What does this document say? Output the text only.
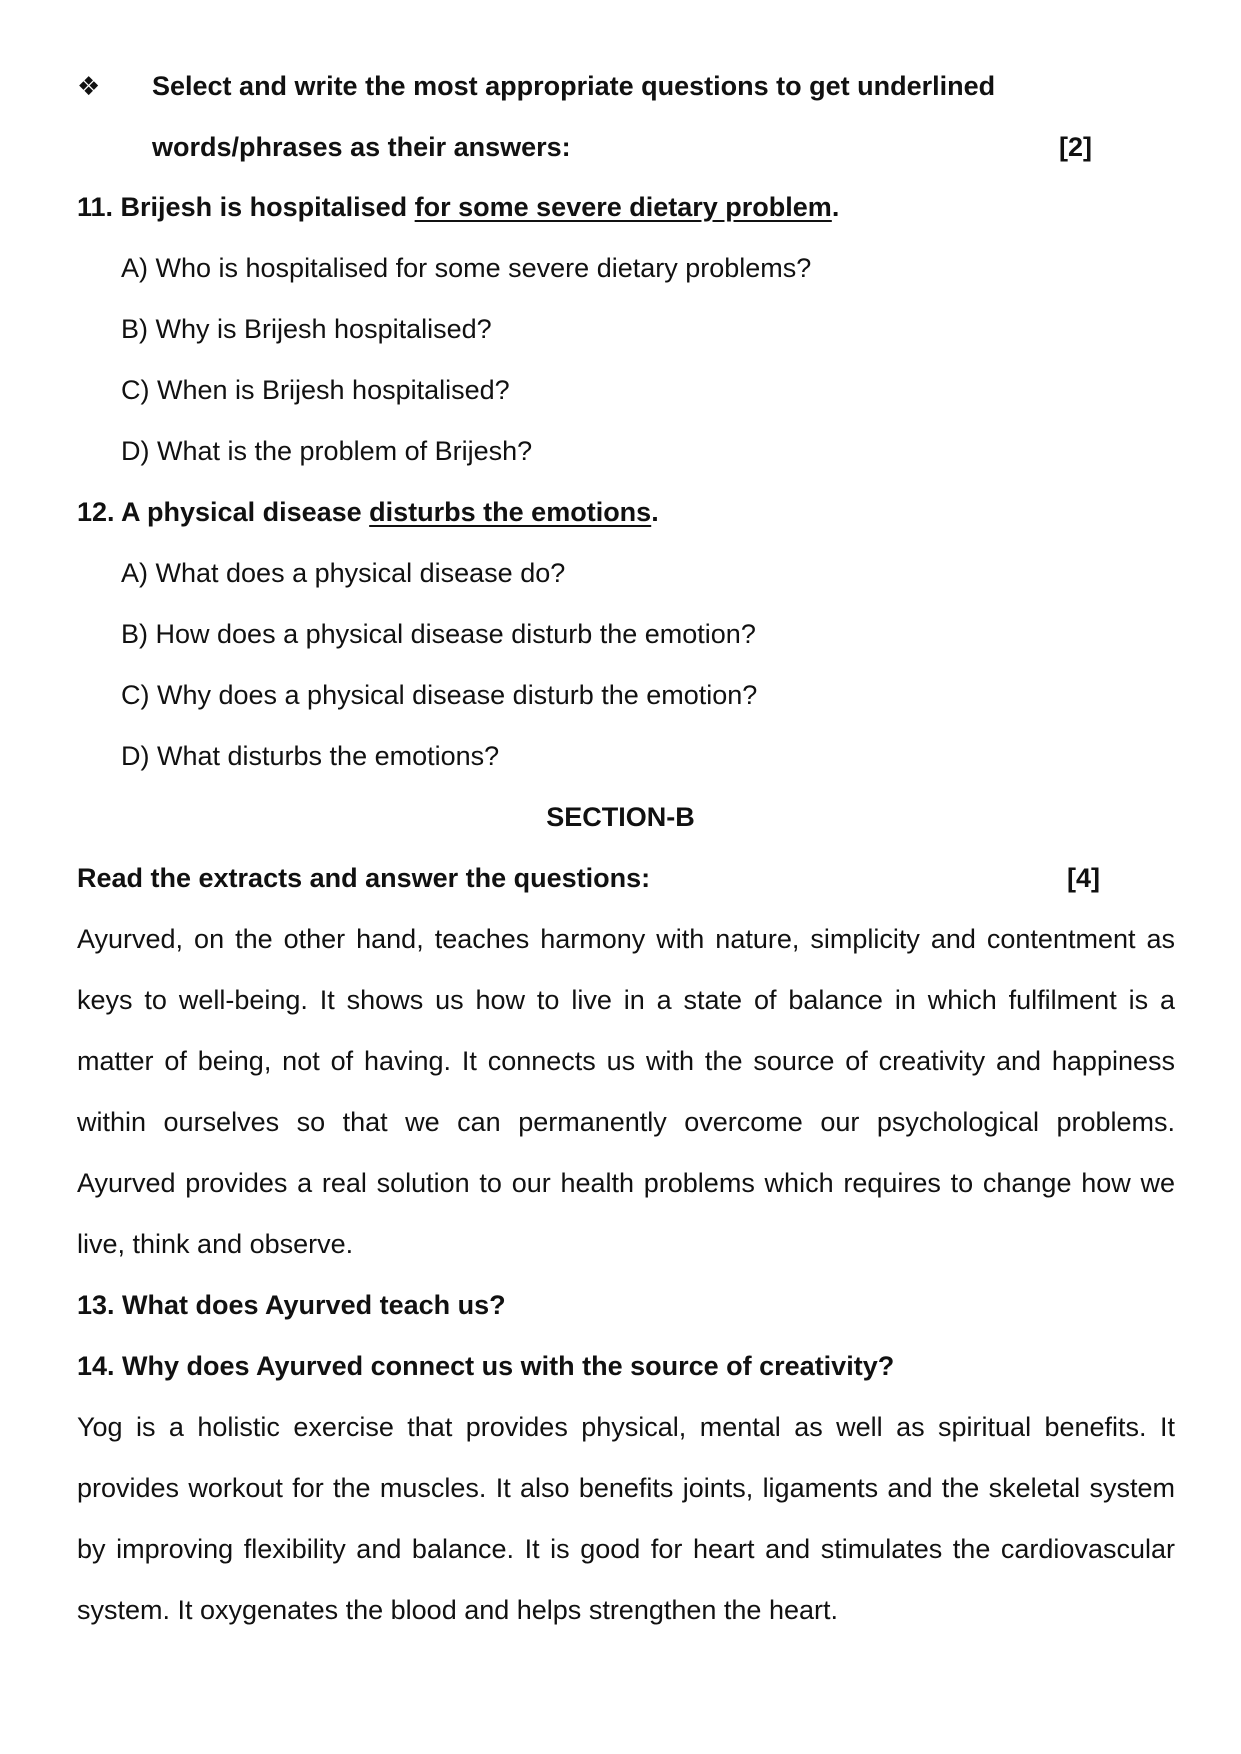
❖ Select and write the most appropriate questions to get underlined
words/phrases as their answers:	[2]
11. Brijesh is hospitalised for some severe dietary problem.
A) Who is hospitalised for some severe dietary problems?
B) Why is Brijesh hospitalised?
C) When is Brijesh hospitalised?
D) What is the problem of Brijesh?
12. A physical disease disturbs the emotions.
A) What does a physical disease do?
B) How does a physical disease disturb the emotion?
C) Why does a physical disease disturb the emotion?
D) What disturbs the emotions?
SECTION-B
Read the extracts and answer the questions:	[4]
Ayurved, on the other hand, teaches harmony with nature, simplicity and contentment as keys to well-being. It shows us how to live in a state of balance in which fulfilment is a matter of being, not of having. It connects us with the source of creativity and happiness within ourselves so that we can permanently overcome our psychological problems. Ayurved provides a real solution to our health problems which requires to change how we live, think and observe.
13. What does Ayurved teach us?
14. Why does Ayurved connect us with the source of creativity?
Yog is a holistic exercise that provides physical, mental as well as spiritual benefits. It provides workout for the muscles. It also benefits joints, ligaments and the skeletal system by improving flexibility and balance. It is good for heart and stimulates the cardiovascular system. It oxygenates the blood and helps strengthen the heart.
